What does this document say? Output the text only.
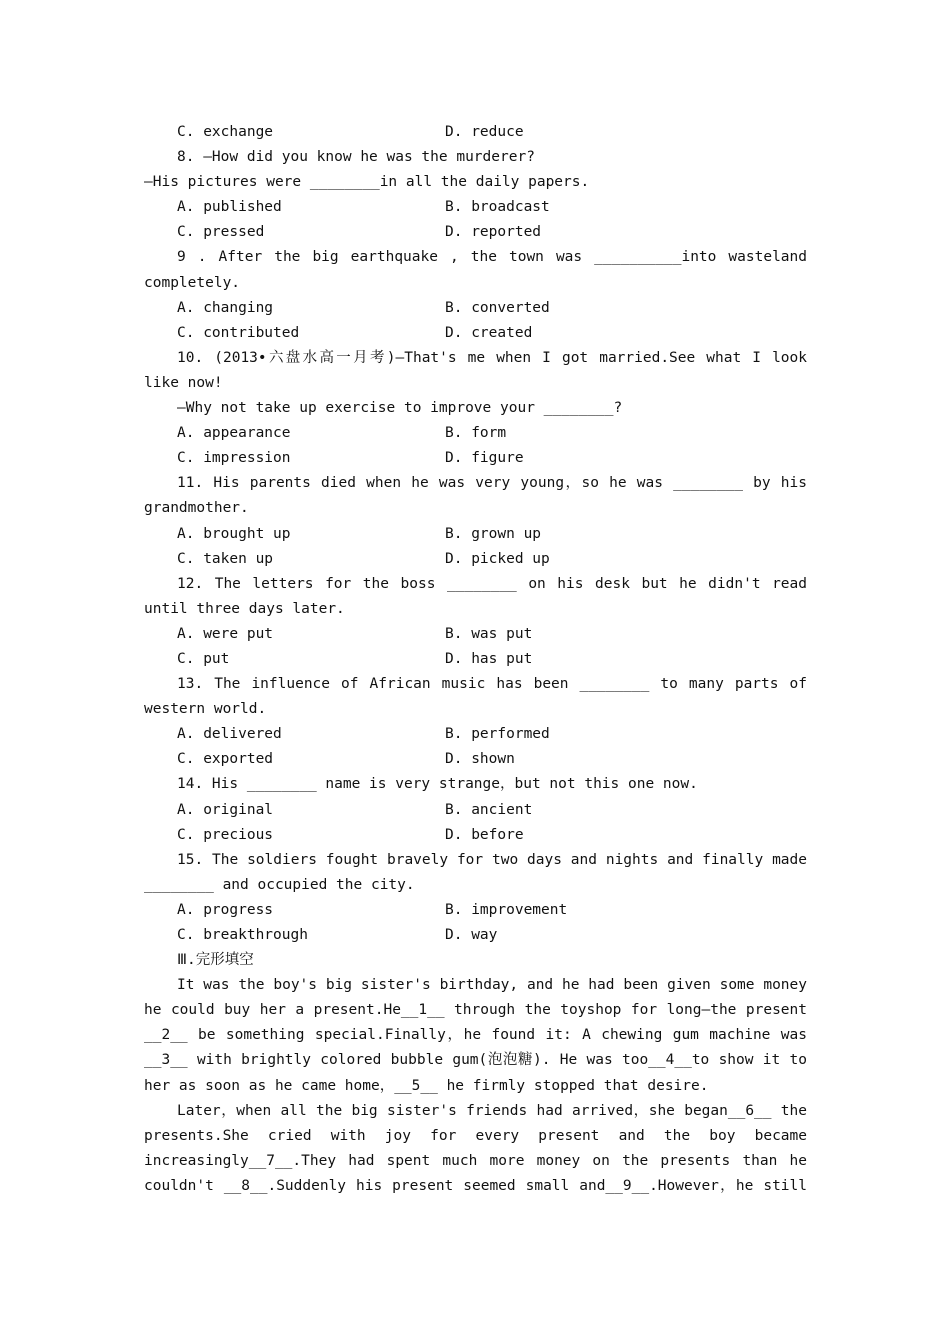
C. exchange	D. reduce
8. —How did you know he was the murderer?
—His pictures were ________in all the daily papers.
A. published	B. broadcast
C. pressed	D. reported
9 . After the big earthquake , the town was __________into wasteland
completely.
A. changing	B. converted
C. contributed	D. created
10. (2013•六盘水高一月考)—That's me when I got married.See what I look
like now!
—Why not take up exercise to improve your ________?
A. appearance	B. form
C. impression	D. figure
11. His parents died when he was very young，so he was ________ by his
grandmother.
A. brought up	B. grown up
C. taken up	D. picked up
12. The letters for the boss ________ on his desk but he didn't read
until three days later.
A. were put	B. was put
C. put	D. has put
13. The influence of African music has been ________ to many parts of
western world.
A. delivered	B. performed
C. exported	D. shown
14. His ________ name is very strange，but not this one now.
A. original	B. ancient
C. precious	D. before
15. The soldiers fought bravely for two days and nights and finally made
________ and occupied the city.
A. progress	B. improvement
C. breakthrough	D. way
Ⅲ.完形填空
It was the boy's big sister's birthday, and he had been given some money
he could buy her a present.He__1__ through the toyshop for long—the present
__2__ be something special.Finally，he found it: A chewing gum machine was
__3__ with brightly colored bubble gum(泡泡糖). He was too__4__to show it to
her as soon as he came home，__5__ he firmly stopped that desire.
Later，when all the big sister's friends had arrived，she began__6__ the
presents.She cried with joy for every present and the boy became
increasingly__7__.They had spent much more money on the presents than he
couldn't __8__.Suddenly his present seemed small and__9__.However，he still
